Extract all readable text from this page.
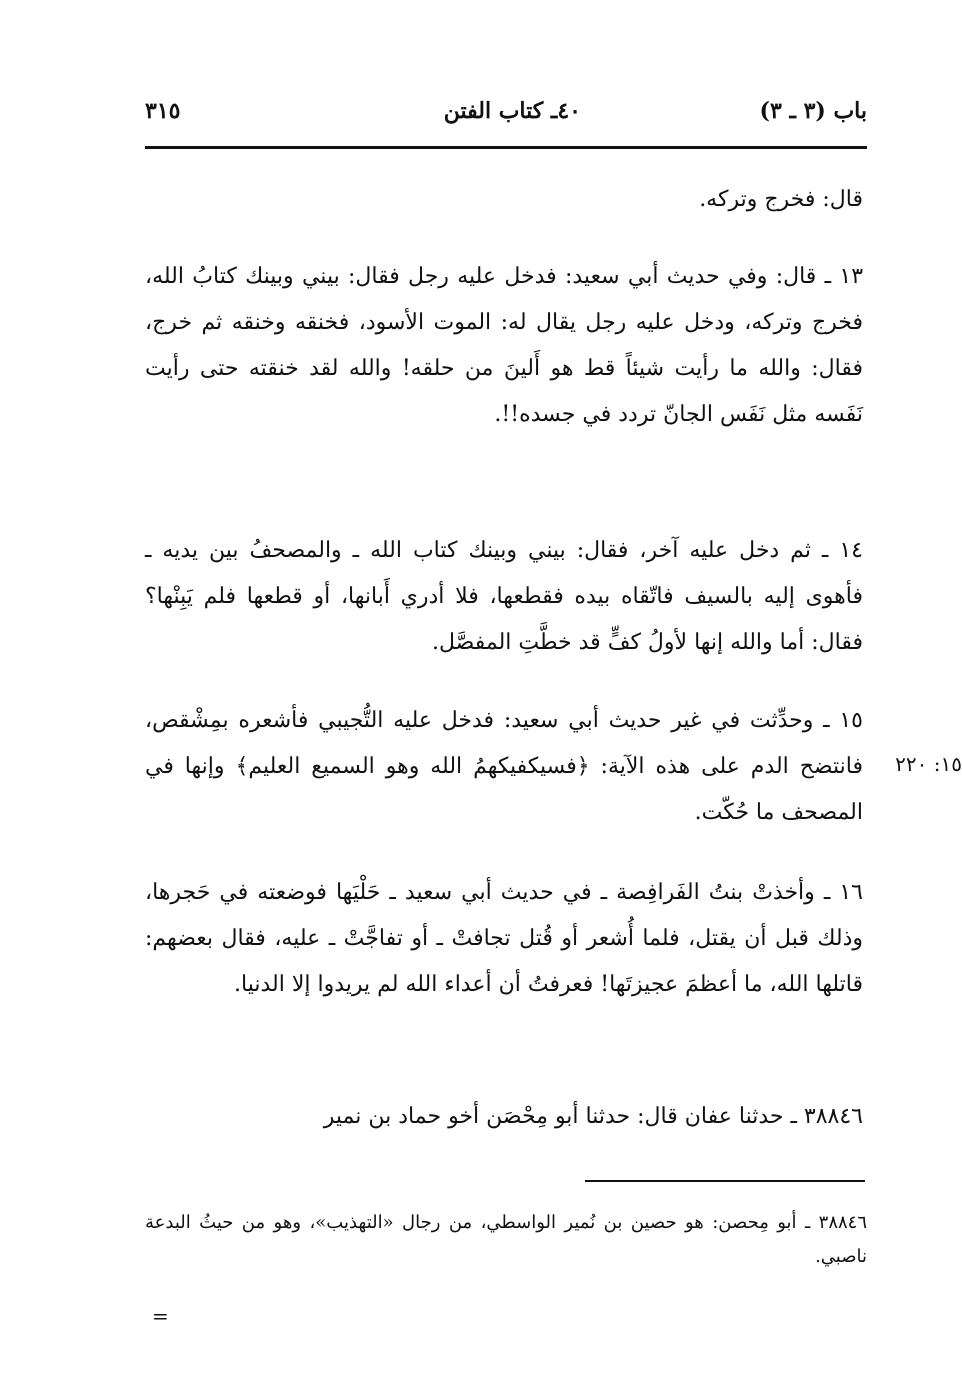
باب (٣ ـ ٣)
٤٠ـ كتاب الفتن
٣١٥
قال: فخرج وتركه.
١٣ ـ قال: وفي حديث أبي سعيد: فدخل عليه رجل فقال: بيني وبينك كتابُ الله، فخرج وتركه، ودخل عليه رجل يقال له: الموت الأسود، فخنقه وخنقه ثم خرج، فقال: والله ما رأيت شيئاً قط هو أَلينَ من حلقه! والله لقد خنقته حتى رأيت نَفَسه مثل نَفَس الجانّ تردد في جسده!!.
١٤ ـ ثم دخل عليه آخر، فقال: بيني وبينك كتاب الله ـ والمصحفُ بين يديه ـ فأهوى إليه بالسيف فاتّقاه بيده فقطعها، فلا أدري أَبانها، أو قطعها فلم يَبِنْها؟ فقال: أما والله إنها لأولُ كفٍّ قد خطَّتِ المفصَّل.
١٥ ـ وحدِّثت في غير حديث أبي سعيد: فدخل عليه التُّجيبي فأشعره بمِشْقص، فانتضح الدم على هذه الآية: ﴿فسيكفيكهمُ الله وهو السميع العليم﴾ وإنها في المصحف ما حُكّت.
١٥: ٢٢٠
١٦ ـ وأخذتْ بنتُ الفَرافِصة ـ في حديث أبي سعيد ـ حَلْيَها فوضعته في حَجرها، وذلك قبل أن يقتل، فلما أُشعر أو قُتل تجافتْ ـ أو تفاجَّتْ ـ عليه، فقال بعضهم: قاتلها الله، ما أعظمَ عجيزتَها! فعرفتُ أن أعداء الله لم يريدوا إلا الدنيا.
٣٨٨٤٦ ـ حدثنا عفان قال: حدثنا أبو مِحْصَن أخو حماد بن نمير
٣٨٨٤٦ ـ أبو مِحصن: هو حصين بن نُمير الواسطي، من رجال «التهذيب»، وهو من حيثُ البدعة ناصبي.
=
